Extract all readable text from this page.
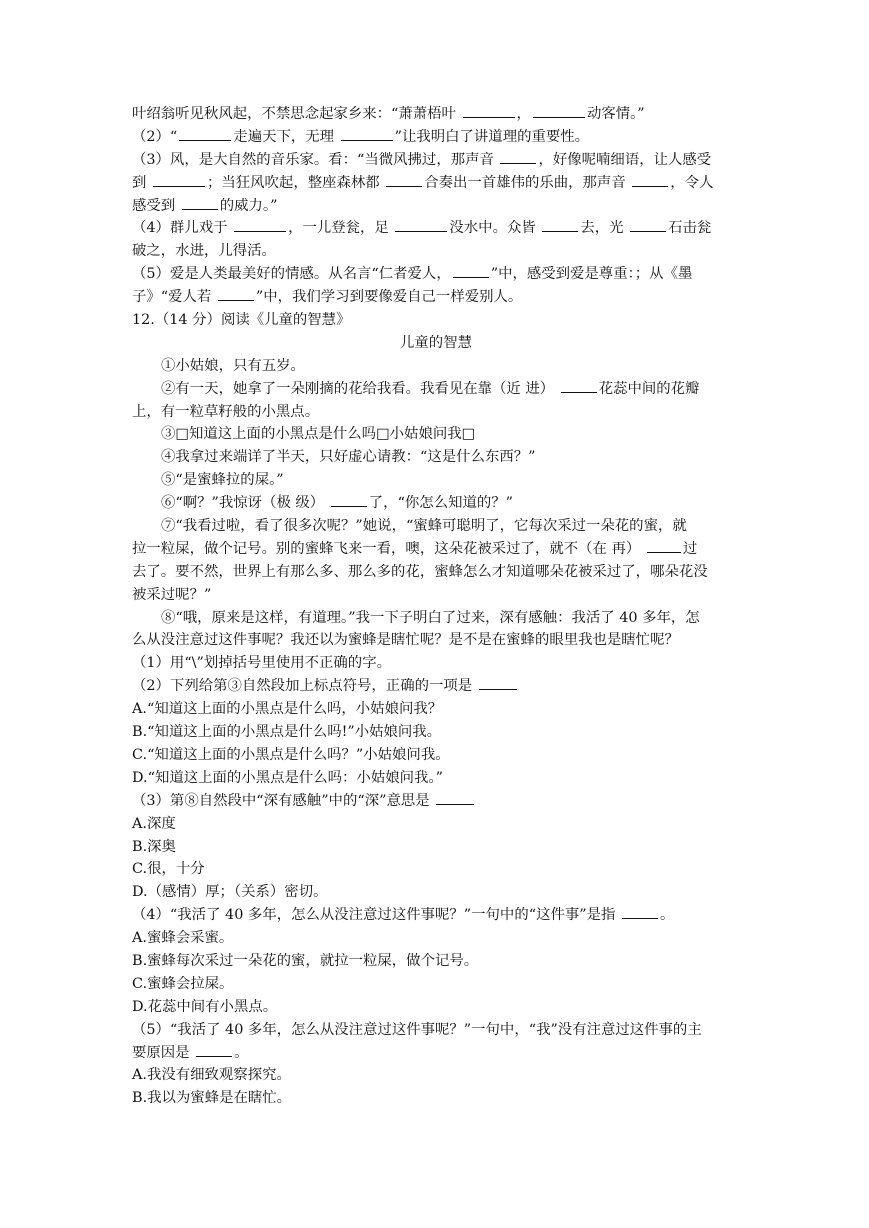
叶绍翁听见秋风起，不禁思念起家乡来：“萧萧梧叶	，	动客情。”
（2）“	走遍天下，无理	”让我明白了讲道理的重要性。
（3）风，是大自然的音乐家。看：“当微风拂过，那声音	，好像呢喃细语，让人感受
到	；当狂风吹起，整座森林都	合奏出一首雄伟的乐曲，那声音	，令人
感受到	的威力。”
（4）群儿戏于	，一儿登瓮，足	没水中。众皆	去，光	石击瓮
破之，水进，儿得活。
（5）爱是人类最美好的情感。从名言“仁者爱人，	”中，感受到爱是尊重：；从《墨
子》“爱人若	”中，我们学习到要像爱自己一样爱别人。
12.（14 分）阅读《儿童的智慧》
儿童的智慧
①小姑娘，只有五岁。
②有一天，她拿了一朵刚摘的花给我看。我看见在靠（近 进）	花蕊中间的花瓣
上，有一粒草籽般的小黑点。
③□知道这上面的小黑点是什么吗□小姑娘问我□
④我拿过来端详了半天，只好虚心请教：“这是什么东西？”
⑤“是蜜蜂拉的屎。”
⑥“啊？”我惊讶（极 级）	了，“你怎么知道的？”
⑦“我看过啦，看了很多次呢？”她说，“蜜蜂可聪明了，它每次采过一朵花的蜜，就
拉一粒屎，做个记号。别的蜜蜂飞来一看，噢，这朵花被采过了，就不（在 再）	过
去了。要不然，世界上有那么多、那么多的花，蜜蜂怎么才知道哪朵花被采过了，哪朵花没
被采过呢？”
⑧“哦，原来是这样，有道理。”我一下子明白了过来，深有感触：我活了 40 多年，怎
么从没注意过这件事呢？我还以为蜜蜂是瞎忙呢？是不是在蜜蜂的眼里我也是瞎忙呢？
（1）用“\”划掉括号里使用不正确的字。
（2）下列给第③自然段加上标点符号，正确的一项是
A.“知道这上面的小黑点是什么吗，小姑娘问我？
B.“知道这上面的小黑点是什么吗!”小姑娘问我。
C.“知道这上面的小黑点是什么吗？”小姑娘问我。
D.“知道这上面的小黑点是什么吗：小姑娘问我。”
（3）第⑧自然段中“深有感触”中的“深”意思是
A.深度
B.深奥
C.很，十分
D.（感情）厚；（关系）密切。
（4）“我活了 40 多年，怎么从没注意过这件事呢？”一句中的“这件事”是指	。
A.蜜蜂会采蜜。
B.蜜蜂每次采过一朵花的蜜，就拉一粒屎，做个记号。
C.蜜蜂会拉屎。
D.花蕊中间有小黑点。
（5）“我活了 40 多年，怎么从没注意过这件事呢？”一句中，“我”没有注意过这件事的主
要原因是	。
A.我没有细致观察探究。
B.我以为蜜蜂是在瞎忙。
